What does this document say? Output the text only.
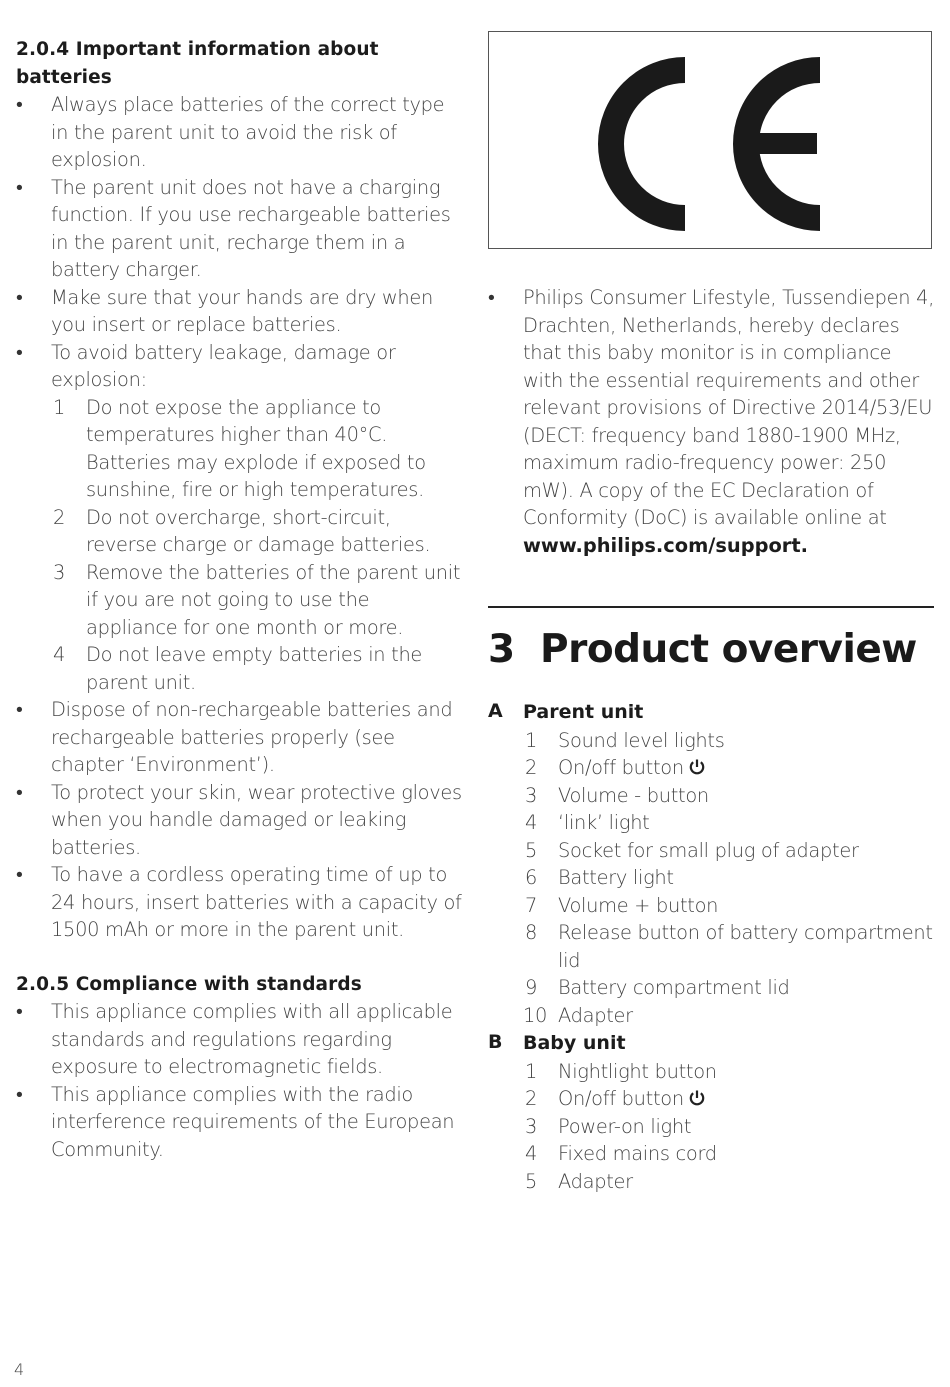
2.0.4 Important information about batteries
• Always place batteries of the correct type in the parent unit to avoid the risk of explosion.
• The parent unit does not have a charging function. If you use rechargeable batteries in the parent unit, recharge them in a battery charger.
• Make sure that your hands are dry when you insert or replace batteries.
• To avoid battery leakage, damage or explosion:
1 Do not expose the appliance to temperatures higher than 40°C. Batteries may explode if exposed to sunshine, fire or high temperatures.
2 Do not overcharge, short-circuit, reverse charge or damage batteries.
3 Remove the batteries of the parent unit if you are not going to use the appliance for one month or more.
4 Do not leave empty batteries in the parent unit.
• Dispose of non-rechargeable batteries and rechargeable batteries properly (see chapter ‘Environment’).
• To protect your skin, wear protective gloves when you handle damaged or leaking batteries.
• To have a cordless operating time of up to 24 hours, insert batteries with a capacity of 1500 mAh or more in the parent unit.
2.0.5 Compliance with standards
• This appliance complies with all applicable standards and regulations regarding exposure to electromagnetic fields.
• This appliance complies with the radio interference requirements of the European Community.
• Philips Consumer Lifestyle, Tussendiepen 4, Drachten, Netherlands, hereby declares that this baby monitor is in compliance with the essential requirements and other relevant provisions of Directive 2014/53/EU (DECT: frequency band 1880-1900 MHz, maximum radio-frequency power: 250 mW). A copy of the EC Declaration of Conformity (DoC) is available online at www.philips.com/support.
3 Product overview
A Parent unit
1 Sound level lights
2 On/off button
3 Volume - button
4 ‘link’ light
5 Socket for small plug of adapter
6 Battery light
7 Volume + button
8 Release button of battery compartment lid
9 Battery compartment lid
10 Adapter
B Baby unit
1 Nightlight button
2 On/off button
3 Power-on light
4 Fixed mains cord
5 Adapter
4
